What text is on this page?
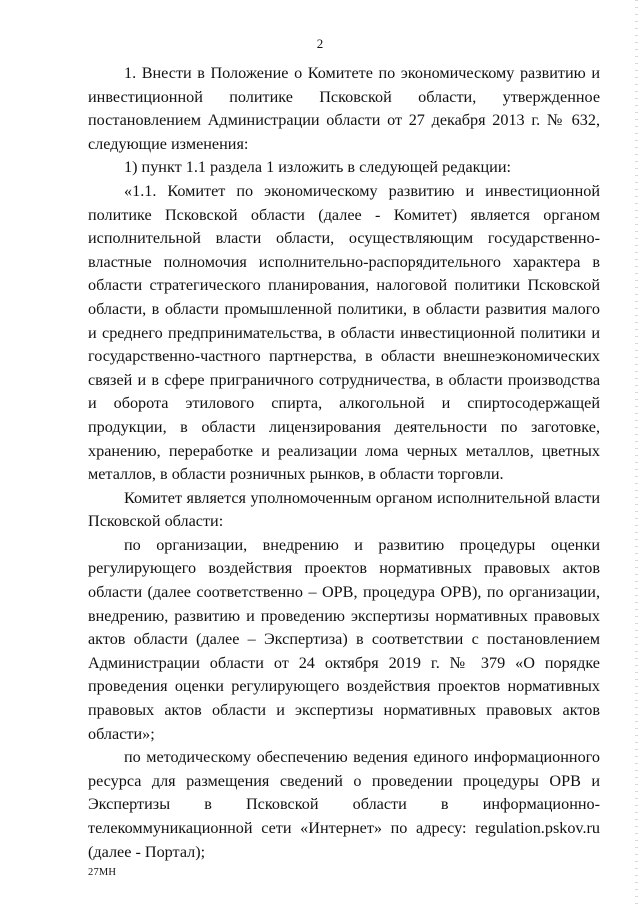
2

1. Внести в Положение о Комитете по экономическому развитию и инвестиционной политике Псковской области, утвержденное постановлением Администрации области от 27 декабря 2013 г. № 632, следующие изменения:

1) пункт 1.1 раздела 1 изложить в следующей редакции:

«1.1. Комитет по экономическому развитию и инвестиционной политике Псковской области (далее - Комитет) является органом исполнительной власти области, осуществляющим государственно-властные полномочия исполнительно-распорядительного характера в области стратегического планирования, налоговой политики Псковской области, в области промышленной политики, в области развития малого и среднего предпринимательства, в области инвестиционной политики и государственно-частного партнерства, в области внешнеэкономических связей и в сфере приграничного сотрудничества, в области производства и оборота этилового спирта, алкогольной и спиртосодержащей продукции, в области лицензирования деятельности по заготовке, хранению, переработке и реализации лома черных металлов, цветных металлов, в области розничных рынков, в области торговли.

Комитет является уполномоченным органом исполнительной власти Псковской области:

по организации, внедрению и развитию процедуры оценки регулирующего воздействия проектов нормативных правовых актов области (далее соответственно – ОРВ, процедура ОРВ), по организации, внедрению, развитию и проведению экспертизы нормативных правовых актов области (далее – Экспертиза) в соответствии с постановлением Администрации области от 24 октября 2019 г. № 379 «О порядке проведения оценки регулирующего воздействия проектов нормативных правовых актов области и экспертизы нормативных правовых актов области»;

по методическому обеспечению ведения единого информационного ресурса для размещения сведений о проведении процедуры ОРВ и Экспертизы в Псковской области в информационно-телекоммуникационной сети «Интернет» по адресу: regulation.pskov.ru (далее - Портал);

27МН
